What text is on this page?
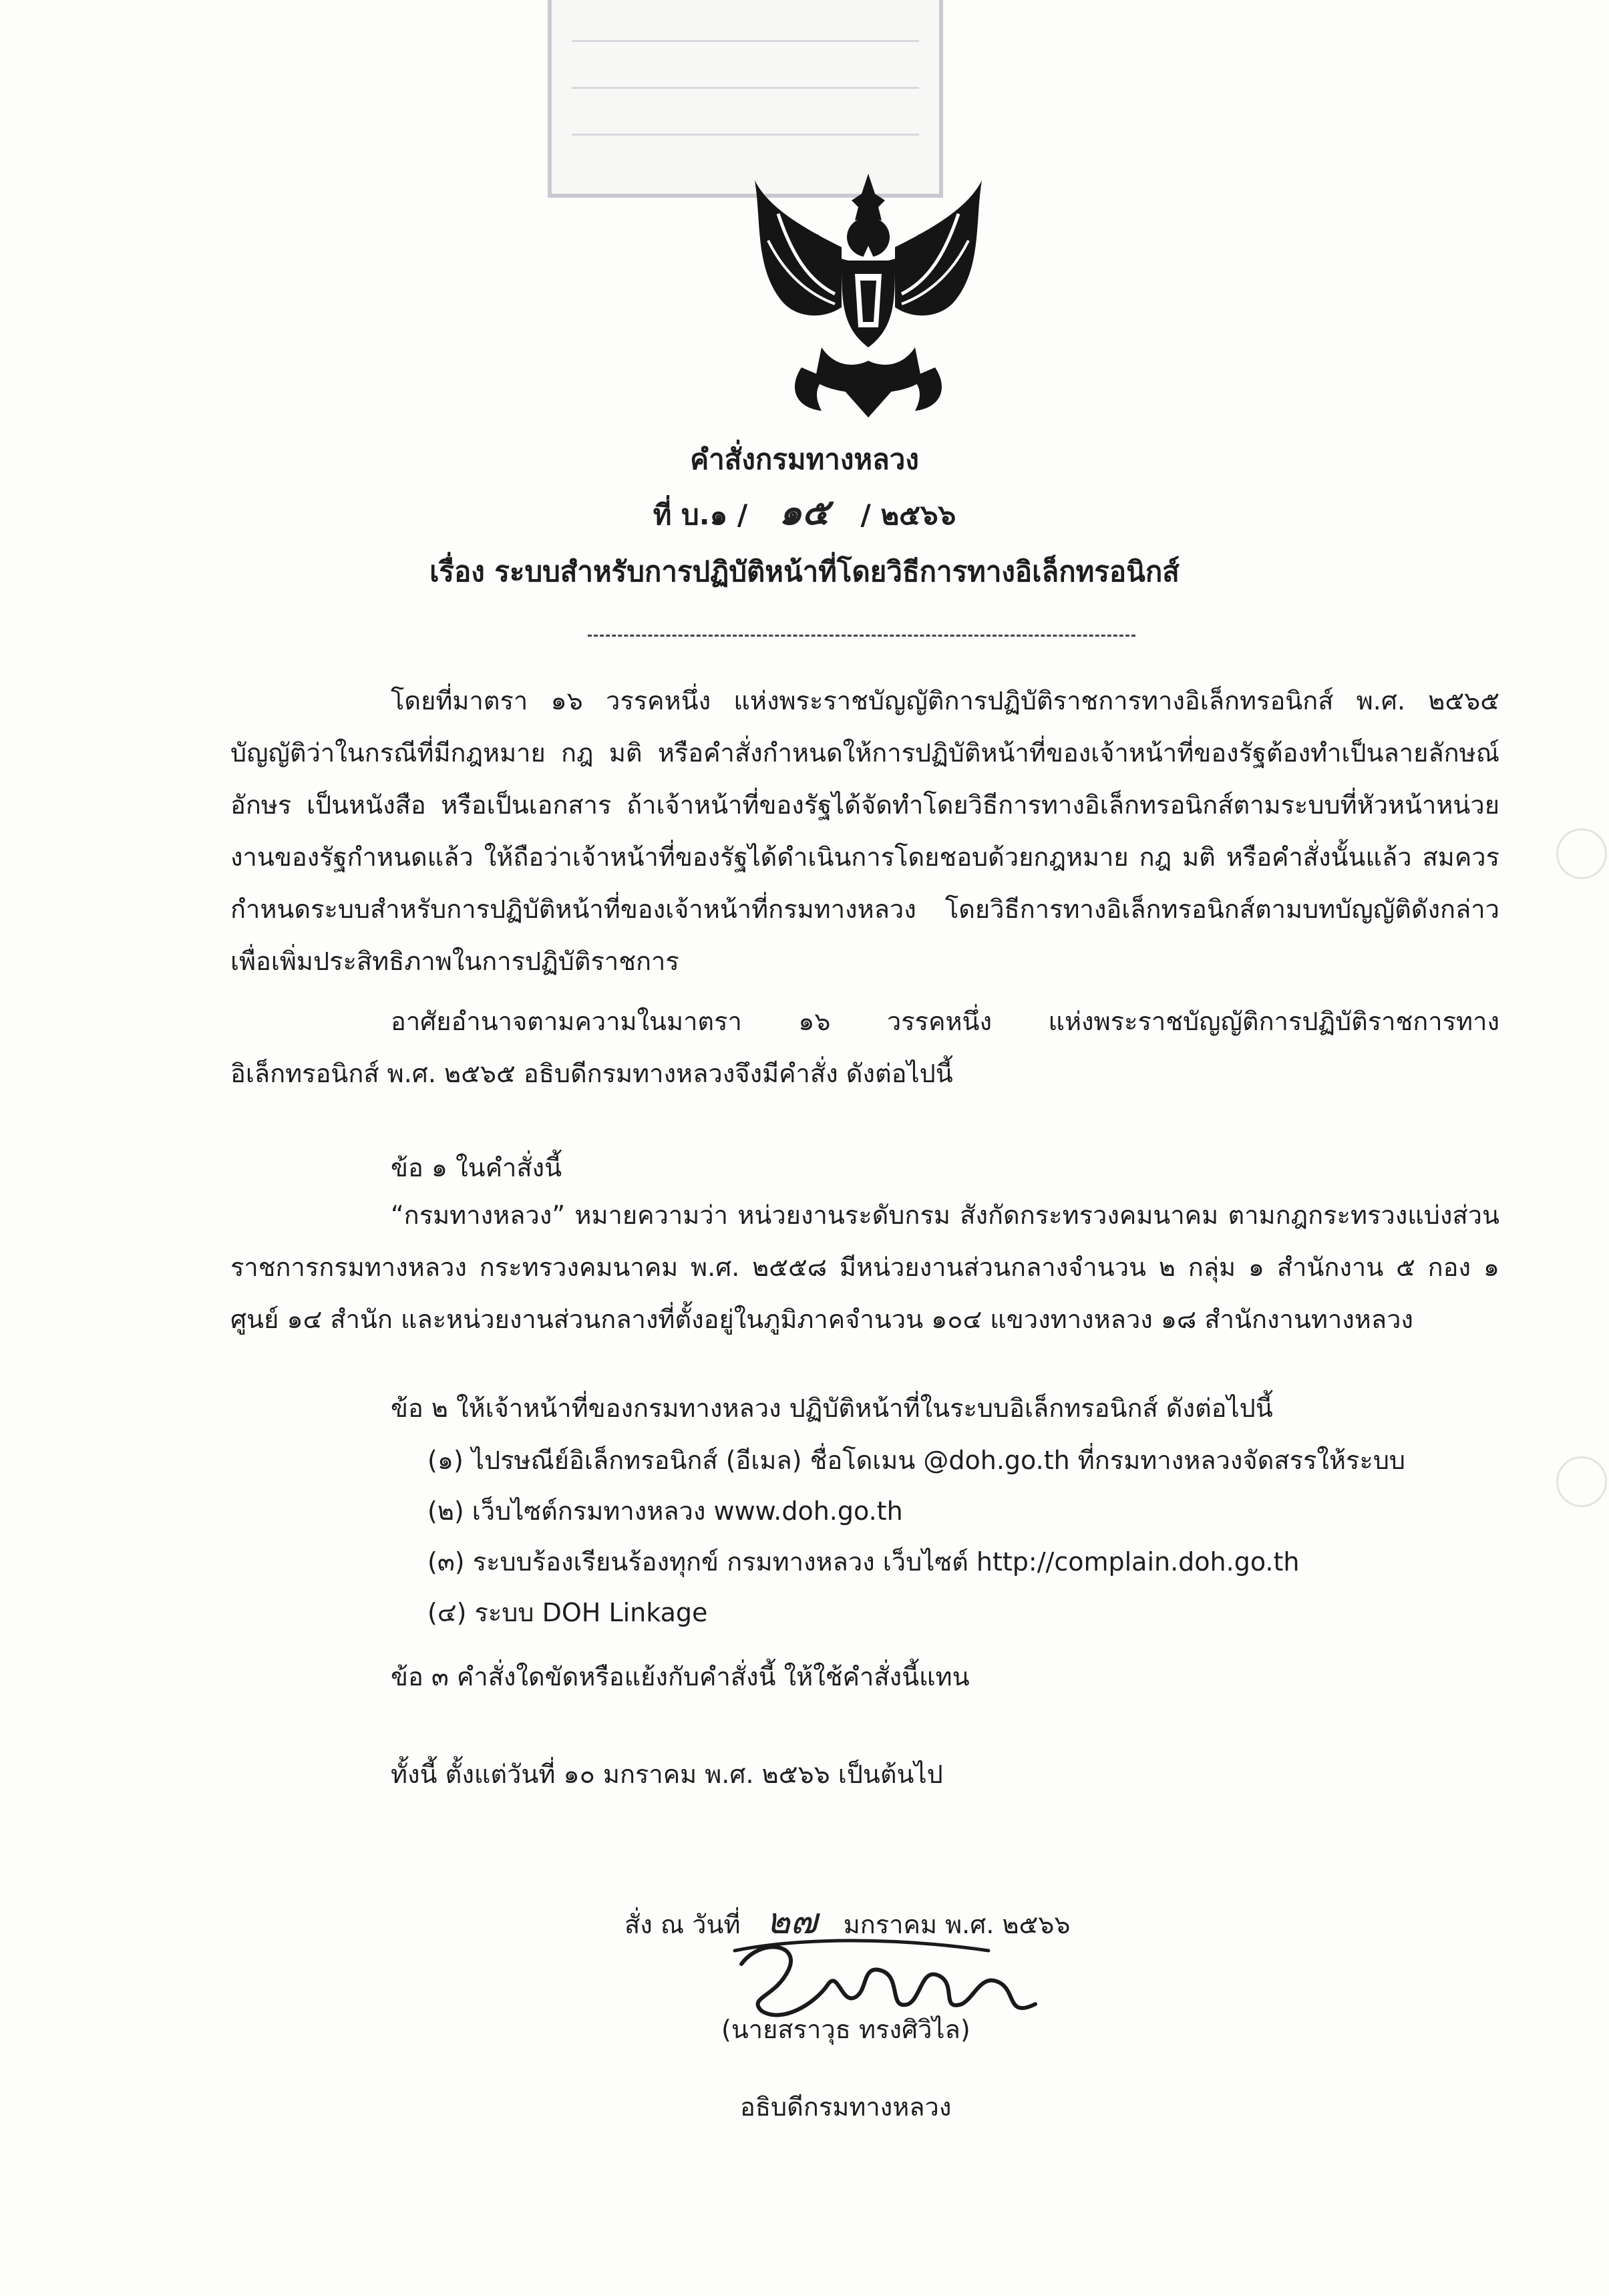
คำสั่งกรมทางหลวง
ที่ บ.๑ / ๑๕ / ๒๕๖๖
เรื่อง ระบบสำหรับการปฏิบัติหน้าที่โดยวิธีการทางอิเล็กทรอนิกส์
โดยที่มาตรา ๑๖ วรรคหนึ่ง แห่งพระราชบัญญัติการปฏิบัติราชการทางอิเล็กทรอนิกส์ พ.ศ. ๒๕๖๕ บัญญัติว่าในกรณีที่มีกฎหมาย กฎ มติ หรือคำสั่งกำหนดให้การปฏิบัติหน้าที่ของเจ้าหน้าที่ของรัฐต้องทำเป็นลายลักษณ์อักษร เป็นหนังสือ หรือเป็นเอกสาร ถ้าเจ้าหน้าที่ของรัฐได้จัดทำโดยวิธีการทางอิเล็กทรอนิกส์ตามระบบที่หัวหน้าหน่วยงานของรัฐกำหนดแล้ว ให้ถือว่าเจ้าหน้าที่ของรัฐได้ดำเนินการโดยชอบด้วยกฎหมาย กฎ มติ หรือคำสั่งนั้นแล้ว สมควรกำหนดระบบสำหรับการปฏิบัติหน้าที่ของเจ้าหน้าที่กรมทางหลวง โดยวิธีการทางอิเล็กทรอนิกส์ตามบทบัญญัติดังกล่าว เพื่อเพิ่มประสิทธิภาพในการปฏิบัติราชการ
อาศัยอำนาจตามความในมาตรา ๑๖ วรรคหนึ่ง แห่งพระราชบัญญัติการปฏิบัติราชการทางอิเล็กทรอนิกส์ พ.ศ. ๒๕๖๕ อธิบดีกรมทางหลวงจึงมีคำสั่ง ดังต่อไปนี้
ข้อ ๑ ในคำสั่งนี้
“กรมทางหลวง” หมายความว่า หน่วยงานระดับกรม สังกัดกระทรวงคมนาคม ตามกฎกระทรวงแบ่งส่วนราชการกรมทางหลวง กระทรวงคมนาคม พ.ศ. ๒๕๕๘ มีหน่วยงานส่วนกลางจำนวน ๒ กลุ่ม ๑ สำนักงาน ๕ กอง ๑ ศูนย์ ๑๔ สำนัก และหน่วยงานส่วนกลางที่ตั้งอยู่ในภูมิภาคจำนวน ๑๐๔ แขวงทางหลวง ๑๘ สำนักงานทางหลวง
ข้อ ๒ ให้เจ้าหน้าที่ของกรมทางหลวง ปฏิบัติหน้าที่ในระบบอิเล็กทรอนิกส์ ดังต่อไปนี้
(๑) ไปรษณีย์อิเล็กทรอนิกส์ (อีเมล) ชื่อโดเมน @doh.go.th ที่กรมทางหลวงจัดสรรให้ระบบ
(๒) เว็บไซต์กรมทางหลวง www.doh.go.th
(๓) ระบบร้องเรียนร้องทุกข์ กรมทางหลวง เว็บไซต์ http://complain.doh.go.th
(๔) ระบบ DOH Linkage
ข้อ ๓ คำสั่งใดขัดหรือแย้งกับคำสั่งนี้ ให้ใช้คำสั่งนี้แทน
ทั้งนี้ ตั้งแต่วันที่ ๑๐ มกราคม พ.ศ. ๒๕๖๖ เป็นต้นไป
สั่ง ณ วันที่ ๒๗ มกราคม พ.ศ. ๒๕๖๖
(นายสราวุธ ทรงศิวิไล)
อธิบดีกรมทางหลวง
